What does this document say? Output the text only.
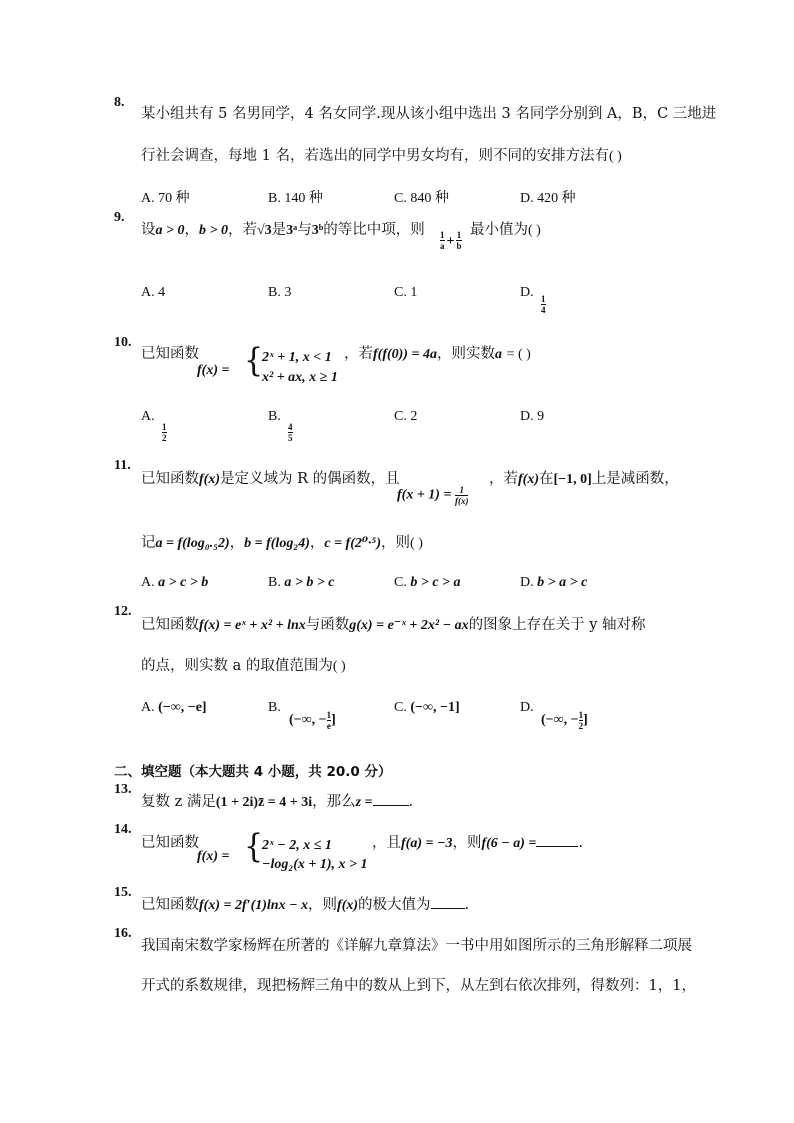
8.
某小组共有 5 名男同学，4 名女同学.现从该小组中选出 3 名同学分别到 A，B，C 三地进
行社会调查，每地 1 名，若选出的同学中男女均有，则不同的安排方法有( )
A. 70 种	B. 140 种	C. 840 种	D. 420 种
9.
设a > 0，b > 0，若√3是3ᵃ与3ᵇ的等比中项，则 $\frac{1}{a} + \frac{1}{b}$ 最小值为( )
A. 4	B. 3	C. 1	D.
$\frac{1}{4}$
10.
已知函数
f(x) = {
2ˣ + 1, x < 1
x² + ax, x ≥ 1
，若f(f(0)) = 4a，则实数a = ( )
A.
$\frac{1}{2}$
B.
$\frac{4}{5}$
C. 2	D. 9
11.
已知函数f(x)是定义域为 R 的偶函数，且
$f(x + 1) = \frac{1}{f(x)}$
，若f(x)在[−1, 0]上是减函数，
记a = f(log₀.₅2)，b = f(log₂4)，c = f(2⁰·⁵)，则( )
A. a > c > b	B. a > b > c	C. b > c > a	D. b > a > c
12.
已知函数f(x) = eˣ + x² + lnx与函数g(x) = e⁻ˣ + 2x² − ax的图象上存在关于 y 轴对称
的点，则实数 a 的取值范围为( )
A. (−∞, −e]	B.
(−∞, − $\frac{1}{e}$ ]
C. (−∞, −1]	D.
(−∞, − $\frac{1}{2}$ ]
二、填空题（本大题共 4 小题，共 20.0 分）
13.
复数 z 满足(1 + 2i)z̄ = 4 + 3i，那么z = .
14.
已知函数
f(x) = {
2ˣ − 2, x ≤ 1
−log₂(x + 1), x > 1
，且f(a) = −3，则f(6 − a) =	.
15.
已知函数f(x) = 2f′(1)lnx − x，则f(x)的极大值为 .
16.
我国南宋数学家杨辉在所著的《详解九章算法》一书中用如图所示的三角形解释二项展
开式的系数规律，现把杨辉三角中的数从上到下，从左到右依次排列，得数列：1，1，
